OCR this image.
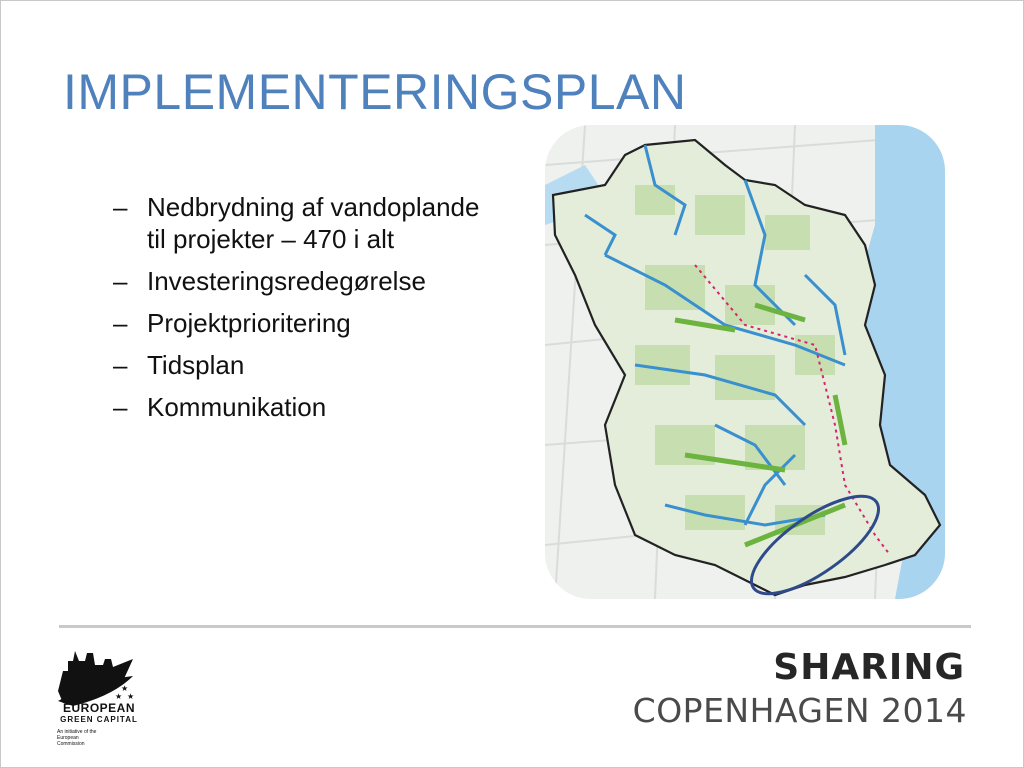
IMPLEMENTERINGSPLAN
– Nedbrydning af vandoplande til projekter – 470 i alt
– Investeringsredegørelse
– Projektprioritering
– Tidsplan
– Kommunikation
★
★
★
EUROPEAN
GREEN CAPITAL
An initiative of the European Commission
SHARING
COPENHAGEN 2014
